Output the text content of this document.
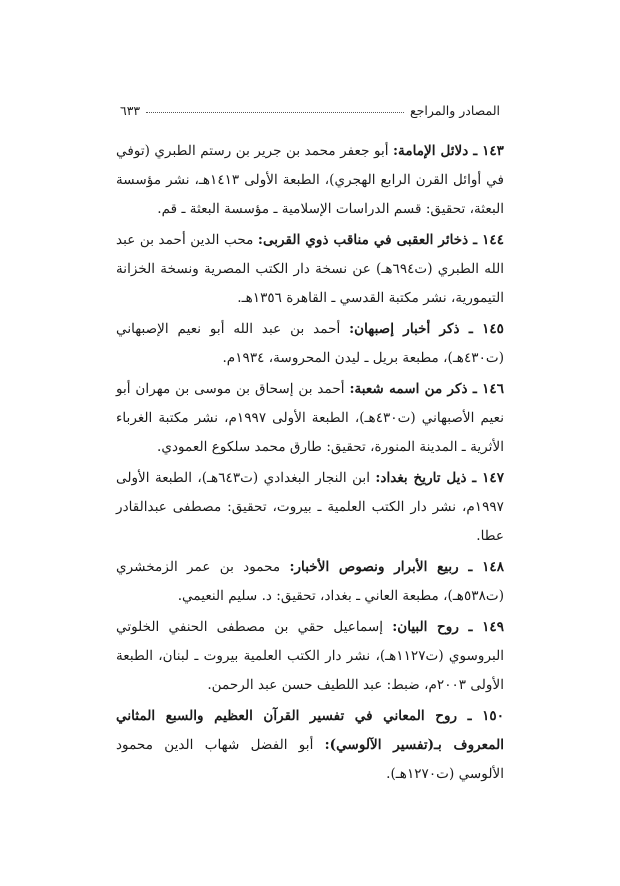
المصادر والمراجع
٦٣٣

١٤٣ ـ دلائل الإمامة: أبو جعفر محمد بن جرير بن رستم الطبري (توفي في أوائل القرن الرابع الهجري)، الطبعة الأولى ١٤١٣هـ، نشر مؤسسة البعثة، تحقيق: قسم الدراسات الإسلامية ـ مؤسسة البعثة ـ قم.

١٤٤ ـ ذخائر العقبى في مناقب ذوي القربى: محب الدين أحمد بن عبد الله الطبري (ت٦٩٤هـ) عن نسخة دار الكتب المصرية ونسخة الخزانة التيمورية، نشر مكتبة القدسي ـ القاهرة ١٣٥٦هـ.

١٤٥ ـ ذكر أخبار إصبهان: أحمد بن عبد الله أبو نعيم الإصبهاني (ت٤٣٠هـ)، مطبعة بريل ـ ليدن المحروسة، ١٩٣٤م.

١٤٦ ـ ذكر من اسمه شعبة: أحمد بن إسحاق بن موسى بن مهران أبو نعيم الأصبهاني (ت٤٣٠هـ)، الطبعة الأولى ١٩٩٧م، نشر مكتبة الغرباء الأثرية ـ المدينة المنورة، تحقيق: طارق محمد سلكوع العمودي.

١٤٧ ـ ذيل تاريخ بغداد: ابن النجار البغدادي (ت٦٤٣هـ)، الطبعة الأولى ١٩٩٧م، نشر دار الكتب العلمية ـ بيروت، تحقيق: مصطفى عبدالقادر عطا.

١٤٨ ـ ربيع الأبرار ونصوص الأخبار: محمود بن عمر الزمخشري (ت٥٣٨هـ)، مطبعة العاني ـ بغداد، تحقيق: د. سليم النعيمي.

١٤٩ ـ روح البيان: إسماعيل حقي بن مصطفى الحنفي الخلوتي البروسوي (ت١١٢٧هـ)، نشر دار الكتب العلمية بيروت ـ لبنان، الطبعة الأولى ٢٠٠٣م، ضبط: عبد اللطيف حسن عبد الرحمن.

١٥٠ ـ روح المعاني في تفسير القرآن العظيم والسبع المثاني المعروف بـ(تفسير الآلوسي): أبو الفضل شهاب الدين محمود الألوسي (ت١٢٧٠هـ).
